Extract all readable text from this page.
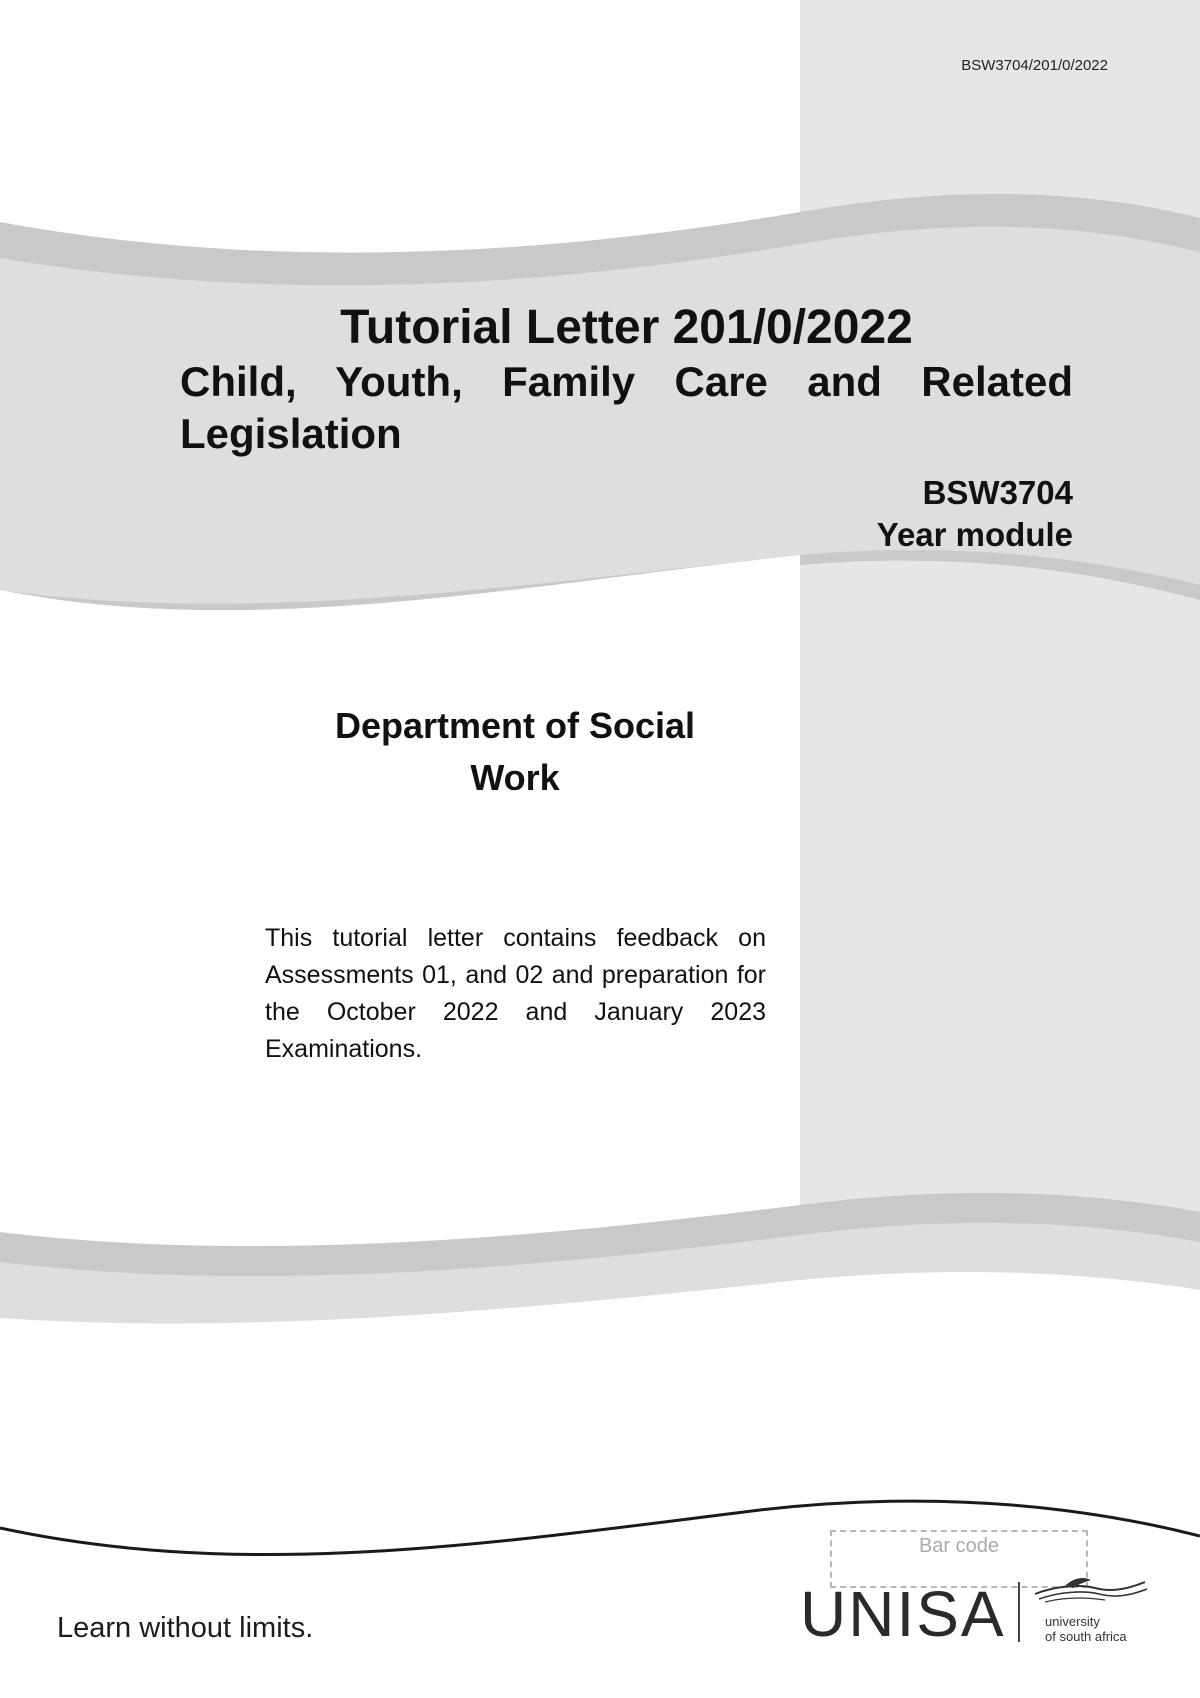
BSW3704/201/0/2022
Tutorial Letter 201/0/2022

Child, Youth, Family Care and Related Legislation

BSW3704
Year module
Department of Social
Work

This tutorial letter contains feedback on Assessments 01, and 02 and preparation for the October 2022 and January 2023 Examinations.

Bar code
Learn without limits.	UNISA	university
of south africa
